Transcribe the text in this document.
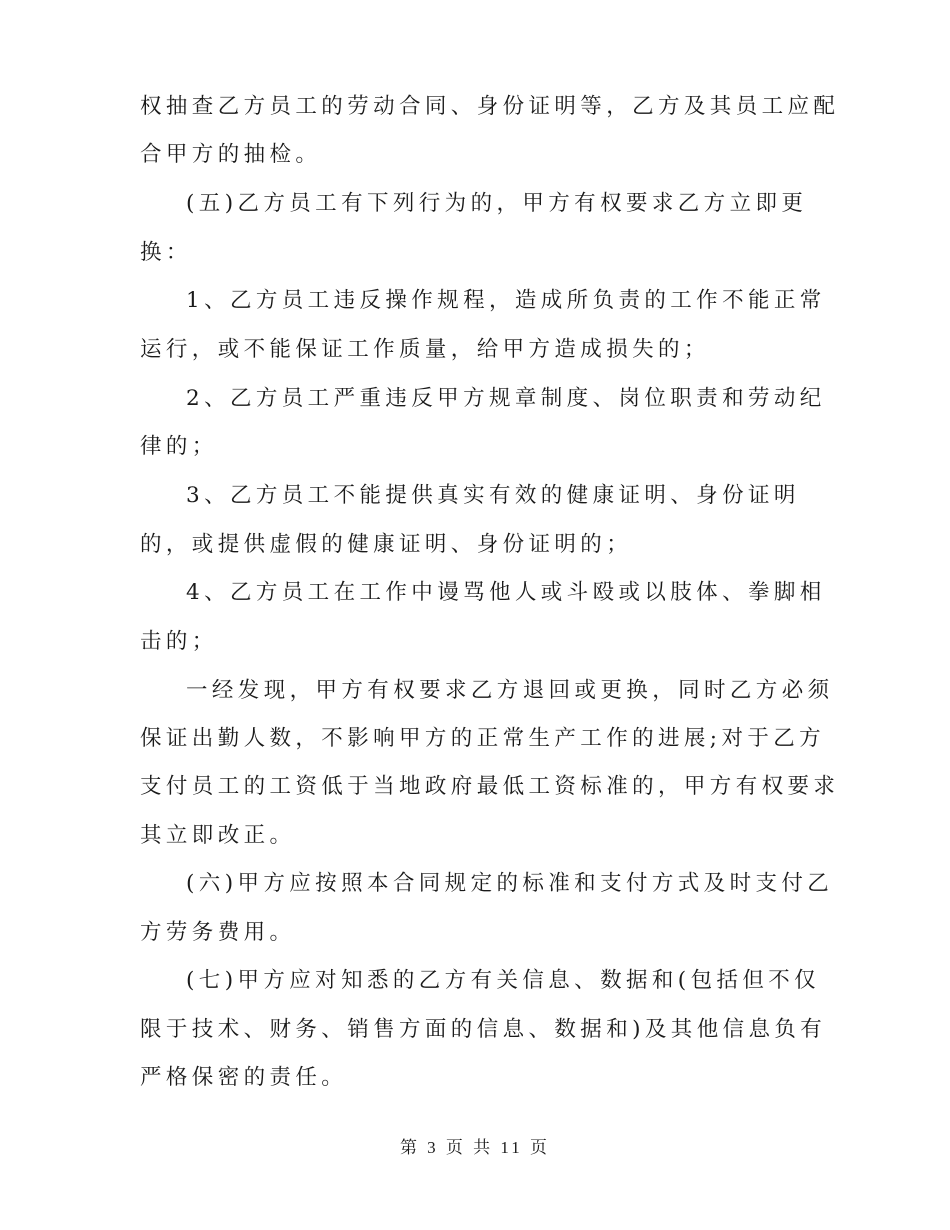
权抽查乙方员工的劳动合同、身份证明等，乙方及其员工应配
合甲方的抽检。
(五)乙方员工有下列行为的，甲方有权要求乙方立即更
换：
1、乙方员工违反操作规程，造成所负责的工作不能正常
运行，或不能保证工作质量，给甲方造成损失的；
2、乙方员工严重违反甲方规章制度、岗位职责和劳动纪
律的；
3、乙方员工不能提供真实有效的健康证明、身份证明
的，或提供虚假的健康证明、身份证明的；
4、乙方员工在工作中谩骂他人或斗殴或以肢体、拳脚相
击的；
一经发现，甲方有权要求乙方退回或更换，同时乙方必须
保证出勤人数，不影响甲方的正常生产工作的进展;对于乙方
支付员工的工资低于当地政府最低工资标准的，甲方有权要求
其立即改正。
(六)甲方应按照本合同规定的标准和支付方式及时支付乙
方劳务费用。
(七)甲方应对知悉的乙方有关信息、数据和(包括但不仅
限于技术、财务、销售方面的信息、数据和)及其他信息负有
严格保密的责任。
第 3 页 共 11 页
